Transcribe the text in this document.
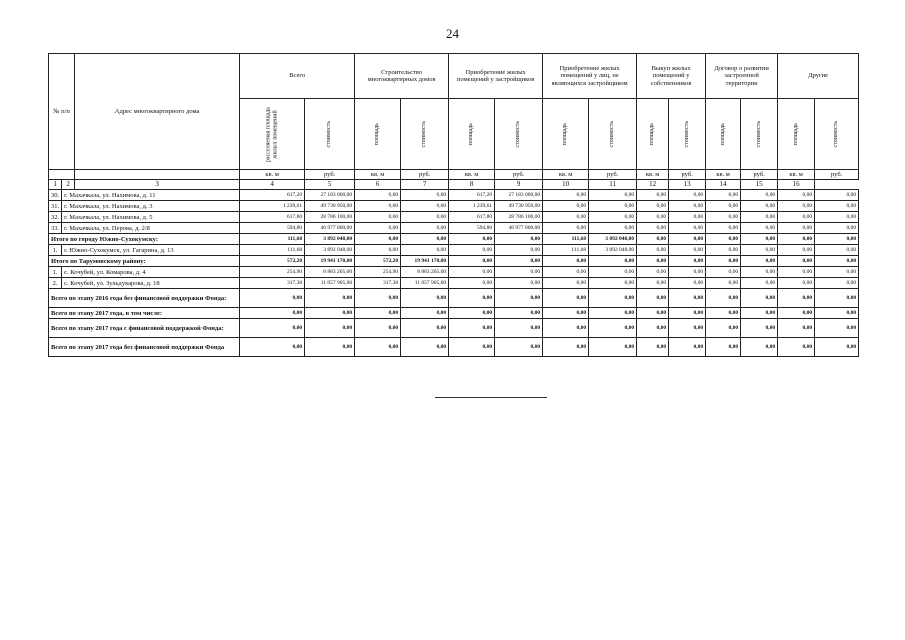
24
№ п/п		Адрес многоквартирного дома	Всего		Строительство многоквартирных домов		Приобретение жилых помещений у застройщиков		Приобретение жилых помещений у лиц, не являющихся застройщиком		Выкуп жилых помещений у собственников		Договор о развитии застроенной территории		Другие	

			расселяемая площадь жилых помещений	стоимость	площадь	стоимость	площадь	стоимость	площадь	стоимость	площадь	стоимость	площадь	стоимость	площадь	стоимость

			кв. м	руб.	кв. м	руб.	кв. м	руб.	кв. м	руб.	кв. м	руб.	кв. м	руб.	кв. м	руб.
1	2	3	4	5	6	7	8	9	10	11	12	13	14	15	16	
30.	г. Махачкала, ул. Нахимова, д. 11		617,20	27 183 000,00	0,00	0,00	617,20	27 183 000,00	0,00	0,00	0,00	0,00	0,00	0,00	0,00	0,00
31.	г. Махачкала, ул. Нахимова, д. 3		1 239,61	49 730 950,00	0,00	0,00	1 239,61	49 730 950,00	0,00	0,00	0,00	0,00	0,00	0,00	0,00	0,00
32.	г. Махачкала, ул. Нахимова, д. 5		617,80	28 786 100,00	0,00	0,00	617,80	28 786 100,00	0,00	0,00	0,00	0,00	0,00	0,00	0,00	0,00
33.	г. Махачкала, ул. Перова, д. 2/8		594,80	46 977 800,00	0,00	0,00	594,80	46 977 800,00	0,00	0,00	0,00	0,00	0,00	0,00	0,00	0,00
Итого по городу Южно-Сухокумску:			111,68	3 892 048,00	0,00	0,00	0,00	0,00	111,68	3 892 048,00	0,00	0,00	0,00	0,00	0,00	0,00
1.	г. Южно-Сухокумск, ул. Гагарина, д. 13		111,68	3 892 048,00	0,00	0,00	0,00	0,00	111,68	3 892 048,00	0,00	0,00	0,00	0,00	0,00	0,00
Итого по Тарумовскому району:			572,20	19 941 170,00	572,20	19 941 170,00	0,00	0,00	0,00	0,00	0,00	0,00	0,00	0,00	0,00	0,00
1.	с. Кочубей, ул. Комарова, д. 4		254,90	8 883 265,00	254,90	8 883 265,00	0,00	0,00	0,00	0,00	0,00	0,00	0,00	0,00	0,00	0,00
2.	с. Кочубей, ул. Зульдукарова, д. 18		317,30	11 057 905,00	317,30	11 057 905,00	0,00	0,00	0,00	0,00	0,00	0,00	0,00	0,00	0,00	0,00
Всего по этапу 2016 года без финансовой поддержки Фонда:			0,00	0,00	0,00	0,00	0,00	0,00	0,00	0,00	0,00	0,00	0,00	0,00	0,00	0,00
Всего по этапу 2017 года, в том числе:			0,00	0,00	0,00	0,00	0,00	0,00	0,00	0,00	0,00	0,00	0,00	0,00	0,00	0,00
Всего по этапу 2017 года с финансовой поддержкой Фонда:			0,00	0,00	0,00	0,00	0,00	0,00	0,00	0,00	0,00	0,00	0,00	0,00	0,00	0,00
Всего по этапу 2017 года без финансовой поддержки Фонда			0,00	0,00	0,00	0,00	0,00	0,00	0,00	0,00	0,00	0,00	0,00	0,00	0,00	0,00
